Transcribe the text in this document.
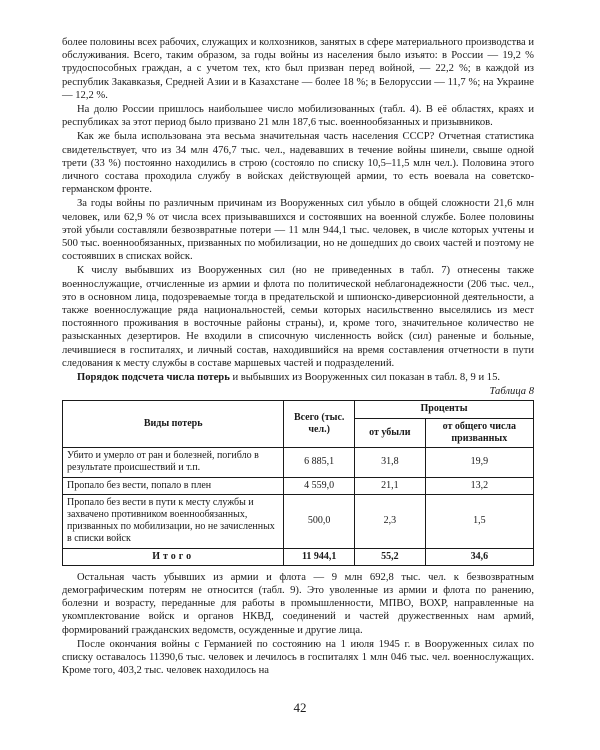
более половины всех рабочих, служащих и колхозников, занятых в сфере материального производства и обслуживания. Всего, таким образом, за годы войны из населения было изъято: в России — 19,2 % трудоспособных граждан, а с учетом тех, кто был призван перед войной, — 22,2 %; в каждой из республик Закавказья, Средней Азии и в Казахстане — более 18 %; в Белоруссии — 11,7 %; на Украине — 12,2 %.

На долю России пришлось наибольшее число мобилизованных (табл. 4). В её областях, краях и республиках за этот период было призвано 21 млн 187,6 тыс. военнообязанных и призывников.

Как же была использована эта весьма значительная часть населения СССР? Отчетная статистика свидетельствует, что из 34 млн 476,7 тыс. чел., надевавших в течение войны шинели, свыше одной трети (33 %) постоянно находились в строю (состояло по списку 10,5–11,5 млн чел.). Половина этого личного состава проходила службу в войсках действующей армии, то есть воевала на советско-германском фронте.

За годы войны по различным причинам из Вооруженных сил убыло в общей сложности 21,6 млн человек, или 62,9 % от числа всех призывавшихся и состоявших на военной службе. Более половины этой убыли составляли безвозвратные потери — 11 млн 944,1 тыс. человек, в числе которых учтены и 500 тыс. военнообязанных, призванных по мобилизации, но не дошедших до своих частей и поэтому не состоявших в списках войск.

К числу выбывших из Вооруженных сил (но не приведенных в табл. 7) отнесены также военнослужащие, отчисленные из армии и флота по политической неблагонадежности (206 тыс. чел., это в основном лица, подозреваемые тогда в предательской и шпионско-диверсионной деятельности, а также военнослужащие ряда национальностей, семьи которых насильственно выселялись из мест постоянного проживания в восточные районы страны), и, кроме того, значительное количество не разысканных дезертиров. Не входили в списочную численность войск (сил) раненые и больные, лечившиеся в госпиталях, и личный состав, находившийся на время составления отчетности в пути следования к месту службы в составе маршевых частей и подразделений.

Порядок подсчета числа потерь и выбывших из Вооруженных сил показан в табл. 8, 9 и 15.

Таблица 8
Виды потерь	Всего (тыс. чел.)	Проценты	
		от убыли	от общего числа призванных
Убито и умерло от ран и болезней, погибло в результате происшествий и т.п.	6 885,1	31,8	19,9
Пропало без вести, попало в плен	4 559,0	21,1	13,2
Пропало без вести в пути к месту службы и захвачено противником военнообязанных, призванных по мобилизации, но не зачисленных в списки войск	500,0	2,3	1,5
Итого	11 944,1	55,2	34,6

Остальная часть убывших из армии и флота — 9 млн 692,8 тыс. чел. к безвозвратным демографическим потерям не относится (табл. 9). Это уволенные из армии и флота по ранению, болезни и возрасту, переданные для работы в промышленности, МПВО, ВОХР, направленные на укомплектование войск и органов НКВД, соединений и частей дружественных нам армий, формирований гражданских ведомств, осужденные и другие лица.

После окончания войны с Германией по состоянию на 1 июля 1945 г. в Вооруженных силах по списку оставалось 11390,6 тыс. человек и лечилось в госпиталях 1 млн 046 тыс. чел. военнослужащих. Кроме того, 403,2 тыс. человек находилось на

42
